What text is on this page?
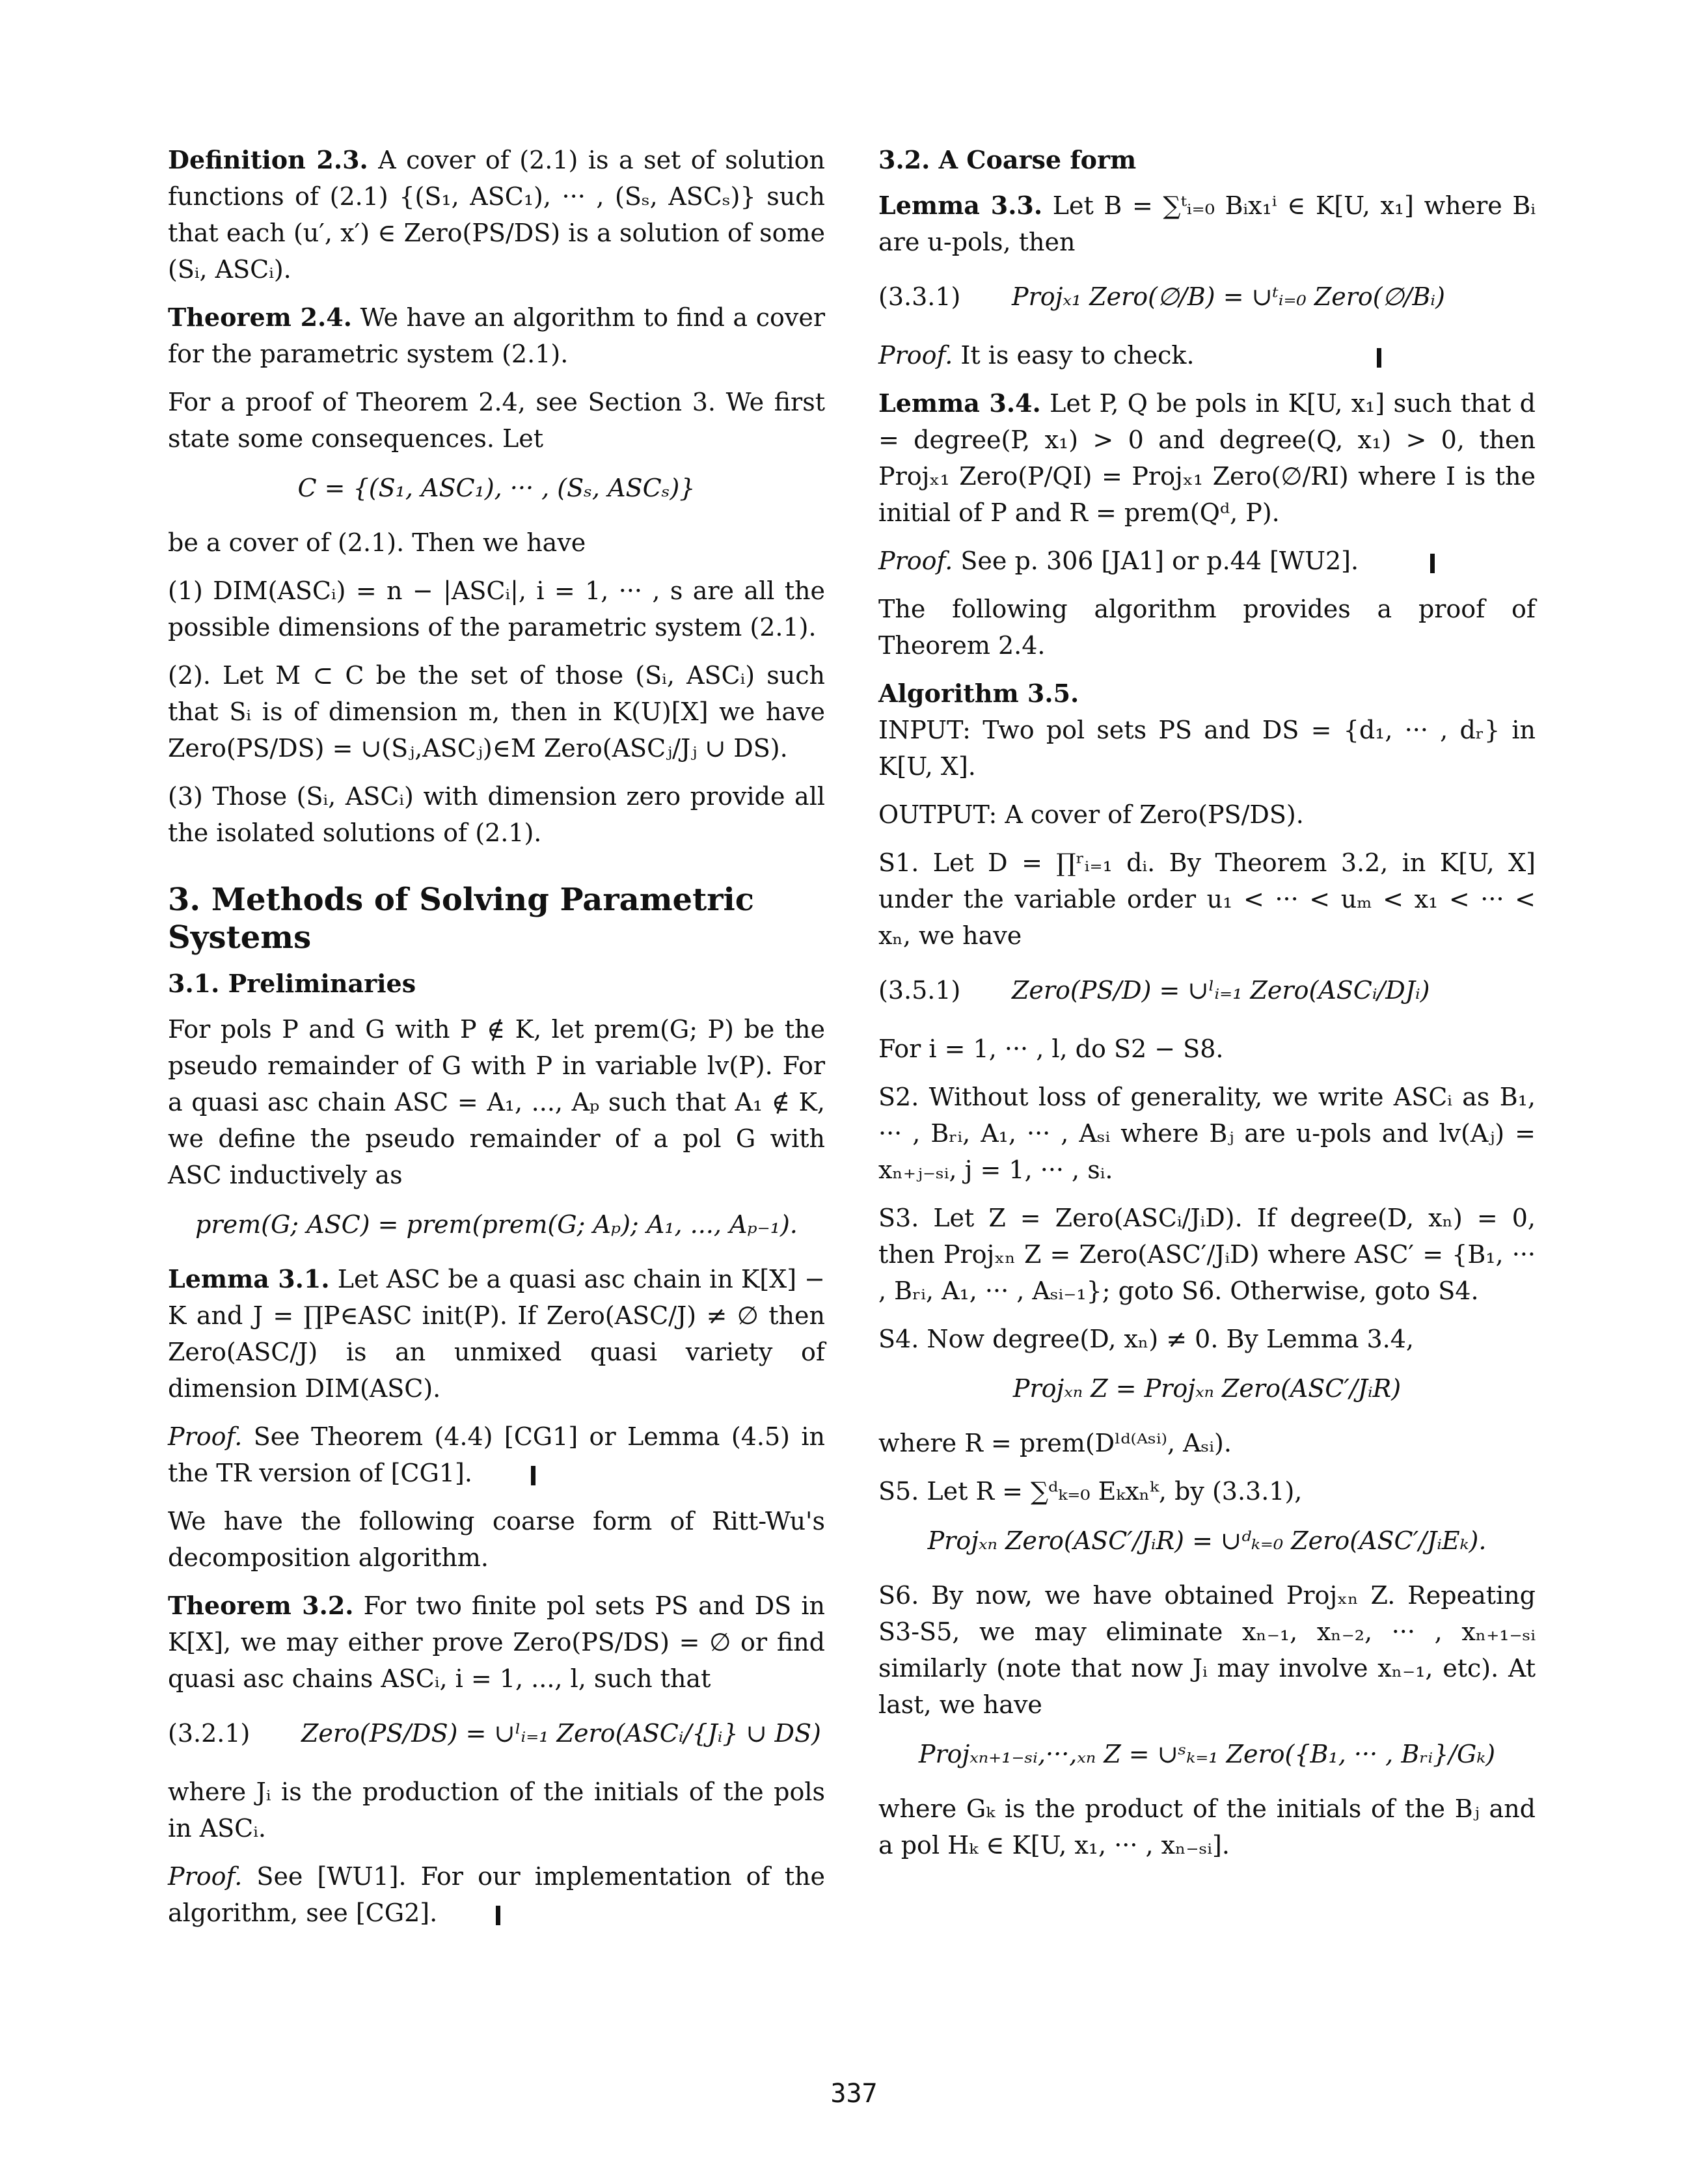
Definition 2.3. A cover of (2.1) is a set of solution functions of (2.1) {(S₁, ASC₁), ··· , (Sₛ, ASCₛ)} such that each (u′, x′) ∈ Zero(PS/DS) is a solution of some (Sᵢ, ASCᵢ).

Theorem 2.4. We have an algorithm to find a cover for the parametric system (2.1).

For a proof of Theorem 2.4, see Section 3. We first state some consequences. Let

C = {(S₁, ASC₁), ··· , (Sₛ, ASCₛ)}

be a cover of (2.1). Then we have

(1) DIM(ASCᵢ) = n − |ASCᵢ|, i = 1, ··· , s are all the possible dimensions of the parametric system (2.1).

(2). Let M ⊂ C be the set of those (Sᵢ, ASCᵢ) such that Sᵢ is of dimension m, then in K(U)[X] we have Zero(PS/DS) = ∪(Sⱼ,ASCⱼ)∈M Zero(ASCⱼ/Jⱼ ∪ DS).

(3) Those (Sᵢ, ASCᵢ) with dimension zero provide all the isolated solutions of (2.1).

3. Methods of Solving Parametric Systems
3.1. Preliminaries

For pols P and G with P ∉ K, let prem(G; P) be the pseudo remainder of G with P in variable lv(P). For a quasi asc chain ASC = A₁, ..., Aₚ such that A₁ ∉ K, we define the pseudo remainder of a pol G with ASC inductively as

prem(G; ASC) = prem(prem(G; Aₚ); A₁, ..., Aₚ₋₁).

Lemma 3.1. Let ASC be a quasi asc chain in K[X] − K and J = ∏P∈ASC init(P). If Zero(ASC/J) ≠ ∅ then Zero(ASC/J) is an unmixed quasi variety of dimension DIM(ASC).

Proof. See Theorem (4.4) [CG1] or Lemma (4.5) in the TR version of [CG1].

We have the following coarse form of Ritt-Wu's decomposition algorithm.

Theorem 3.2. For two finite pol sets PS and DS in K[X], we may either prove Zero(PS/DS) = ∅ or find quasi asc chains ASCᵢ, i = 1, ..., l, such that

(3.2.1)	Zero(PS/DS) = ∪ˡᵢ₌₁ Zero(ASCᵢ/{Jᵢ} ∪ DS)

where Jᵢ is the production of the initials of the pols in ASCᵢ.

Proof. See [WU1]. For our implementation of the algorithm, see [CG2].

3.2. A Coarse form

Lemma 3.3. Let B = ∑ᵗᵢ₌₀ Bᵢx₁ⁱ ∈ K[U, x₁] where Bᵢ are u-pols, then

(3.3.1)	Projₓ₁ Zero(∅/B) = ∪ᵗᵢ₌₀ Zero(∅/Bᵢ)

Proof. It is easy to check.

Lemma 3.4. Let P, Q be pols in K[U, x₁] such that d = degree(P, x₁) > 0 and degree(Q, x₁) > 0, then Projₓ₁ Zero(P/QI) = Projₓ₁ Zero(∅/RI) where I is the initial of P and R = prem(Qᵈ, P).

Proof. See p. 306 [JA1] or p.44 [WU2].

The following algorithm provides a proof of Theorem 2.4.

Algorithm 3.5.

INPUT: Two pol sets PS and DS = {d₁, ··· , dᵣ} in K[U, X].

OUTPUT: A cover of Zero(PS/DS).

S1. Let D = ∏ʳᵢ₌₁ dᵢ. By Theorem 3.2, in K[U, X] under the variable order u₁ < ··· < uₘ < x₁ < ··· < xₙ, we have

(3.5.1)	Zero(PS/D) = ∪ˡᵢ₌₁ Zero(ASCᵢ/DJᵢ)

For i = 1, ··· , l, do S2 − S8.

S2. Without loss of generality, we write ASCᵢ as B₁, ··· , Bᵣᵢ, A₁, ··· , Aₛᵢ where Bⱼ are u-pols and lv(Aⱼ) = xₙ₊ⱼ₋ₛᵢ, j = 1, ··· , sᵢ.

S3. Let Z = Zero(ASCᵢ/JᵢD). If degree(D, xₙ) = 0, then Projₓₙ Z = Zero(ASC′/JᵢD) where ASC′ = {B₁, ··· , Bᵣᵢ, A₁, ··· , Aₛᵢ₋₁}; goto S6. Otherwise, goto S4.

S4. Now degree(D, xₙ) ≠ 0. By Lemma 3.4,

Projₓₙ Z = Projₓₙ Zero(ASC′/JᵢR)

where R = prem(Dˡᵈ⁽ᴬˢⁱ⁾, Aₛᵢ).

S5. Let R = ∑ᵈₖ₌₀ Eₖxₙᵏ, by (3.3.1),

Projₓₙ Zero(ASC′/JᵢR) = ∪ᵈₖ₌₀ Zero(ASC′/JᵢEₖ).

S6. By now, we have obtained Projₓₙ Z. Repeating S3-S5, we may eliminate xₙ₋₁, xₙ₋₂, ··· , xₙ₊₁₋ₛᵢ similarly (note that now Jᵢ may involve xₙ₋₁, etc). At last, we have

Projₓₙ₊₁₋ₛᵢ,···,ₓₙ Z = ∪ˢₖ₌₁ Zero({B₁, ··· , Bᵣᵢ}/Gₖ)

where Gₖ is the product of the initials of the Bⱼ and a pol Hₖ ∈ K[U, x₁, ··· , xₙ₋ₛᵢ].

337
